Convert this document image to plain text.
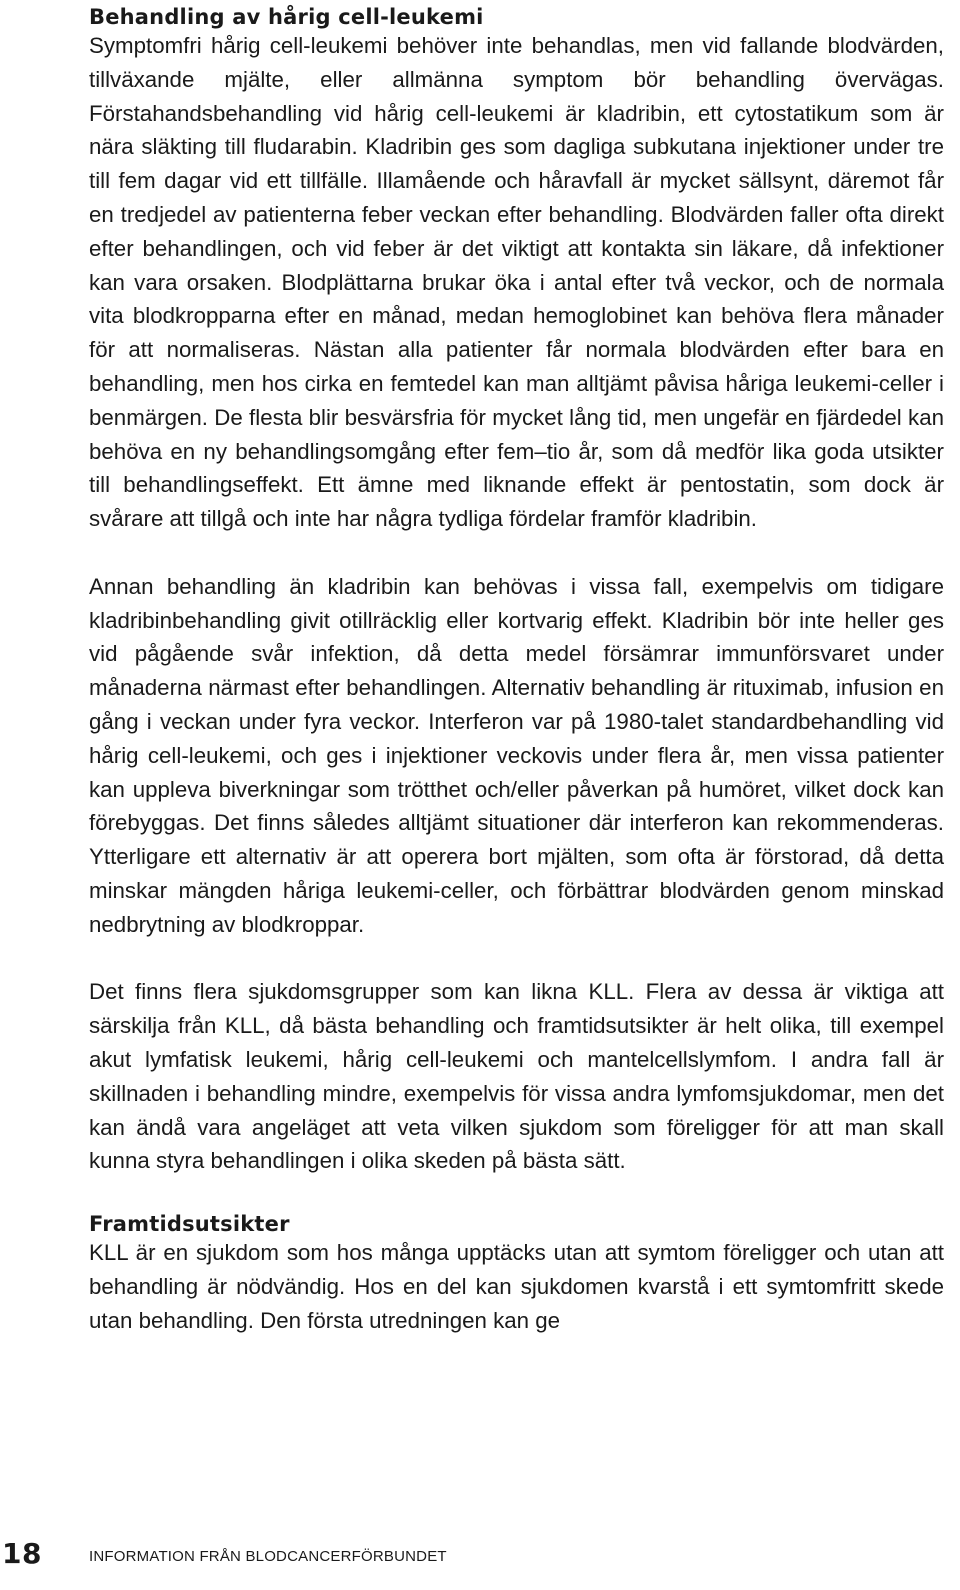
Behandling av hårig cell-leukemi

Symptomfri hårig cell-leukemi behöver inte behandlas, men vid fallande blodvärden, tillväxande mjälte, eller allmänna symptom bör behandling övervägas. Förstahandsbehandling vid hårig cell-leukemi är kladribin, ett cytostatikum som är nära släkting till fludarabin. Kladribin ges som dagliga subkutana injektioner under tre till fem dagar vid ett tillfälle. Illamående och håravfall är mycket sällsynt, däremot får en tredjedel av patienterna feber veckan efter behandling. Blodvärden faller ofta direkt efter behandlingen, och vid feber är det viktigt att kontakta sin läkare, då infektioner kan vara orsaken. Blodplättarna brukar öka i antal efter två veckor, och de normala vita blodkropparna efter en månad, medan hemoglobinet kan behöva flera månader för att normaliseras. Nästan alla patienter får normala blodvärden efter bara en behandling, men hos cirka en femtedel kan man alltjämt påvisa håriga leukemi-celler i benmärgen. De flesta blir besvärsfria för mycket lång tid, men ungefär en fjärdedel kan behöva en ny behandlingsomgång efter fem–tio år, som då medför lika goda utsikter till behandlingseffekt. Ett ämne med liknande effekt är pentostatin, som dock är svårare att tillgå och inte har några tydliga fördelar framför kladribin.

Annan behandling än kladribin kan behövas i vissa fall, exempelvis om tidigare kladribinbehandling givit otillräcklig eller kortvarig effekt. Kladribin bör inte heller ges vid pågående svår infektion, då detta medel försämrar immunförsvaret under månaderna närmast efter behandlingen. Alternativ behandling är rituximab, infusion en gång i veckan under fyra veckor. Interferon var på 1980-talet standardbehandling vid hårig cell-leukemi, och ges i injektioner veckovis under flera år, men vissa patienter kan uppleva biverkningar som trötthet och/eller påverkan på humöret, vilket dock kan förebyggas. Det finns således alltjämt situationer där interferon kan rekommenderas. Ytterligare ett alternativ är att operera bort mjälten, som ofta är förstorad, då detta minskar mängden håriga leukemi-celler, och förbättrar blodvärden genom minskad nedbrytning av blodkroppar.

Det finns flera sjukdomsgrupper som kan likna KLL. Flera av dessa är viktiga att särskilja från KLL, då bästa behandling och framtidsutsikter är helt olika, till exempel akut lymfatisk leukemi, hårig cell-leukemi och mantelcellslymfom. I andra fall är skillnaden i behandling mindre, exempelvis för vissa andra lymfomsjukdomar, men det kan ändå vara angeläget att veta vilken sjukdom som föreligger för att man skall kunna styra behandlingen i olika skeden på bästa sätt.

Framtidsutsikter

KLL är en sjukdom som hos många upptäcks utan att symtom föreligger och utan att behandling är nödvändig. Hos en del kan sjukdomen kvarstå i ett symtomfritt skede utan behandling. Den första utredningen kan ge

18	INFORMATION FRÅN BLODCANCERFÖRBUNDET
